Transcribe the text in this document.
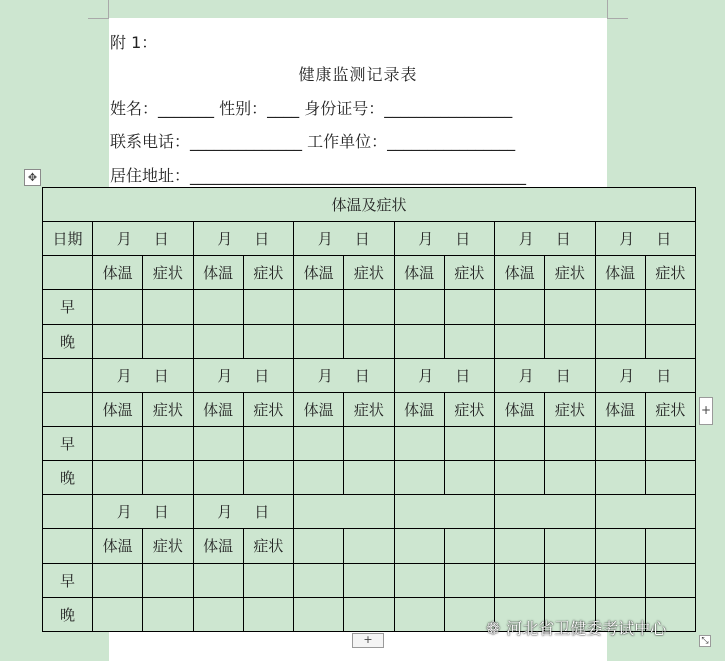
附 1：
健康监测记录表
姓名：_______ 性别：____ 身份证号：________________
联系电话：______________ 工作单位：________________
居住地址：__________________________________________
✥
体温及症状												
日期	月 日		月 日		月 日		月 日		月 日		月 日	
	体温	症状	体温	症状	体温	症状	体温	症状	体温	症状	体温	症状
早												
晚												
	月 日		月 日		月 日		月 日		月 日		月 日	
	体温	症状	体温	症状	体温	症状	体温	症状	体温	症状	体温	症状
早												
晚												
	月 日		月 日									
	体温	症状	体温	症状								
早												
晚												
+
+	⤡
❁ 河北省卫健委考试中心
